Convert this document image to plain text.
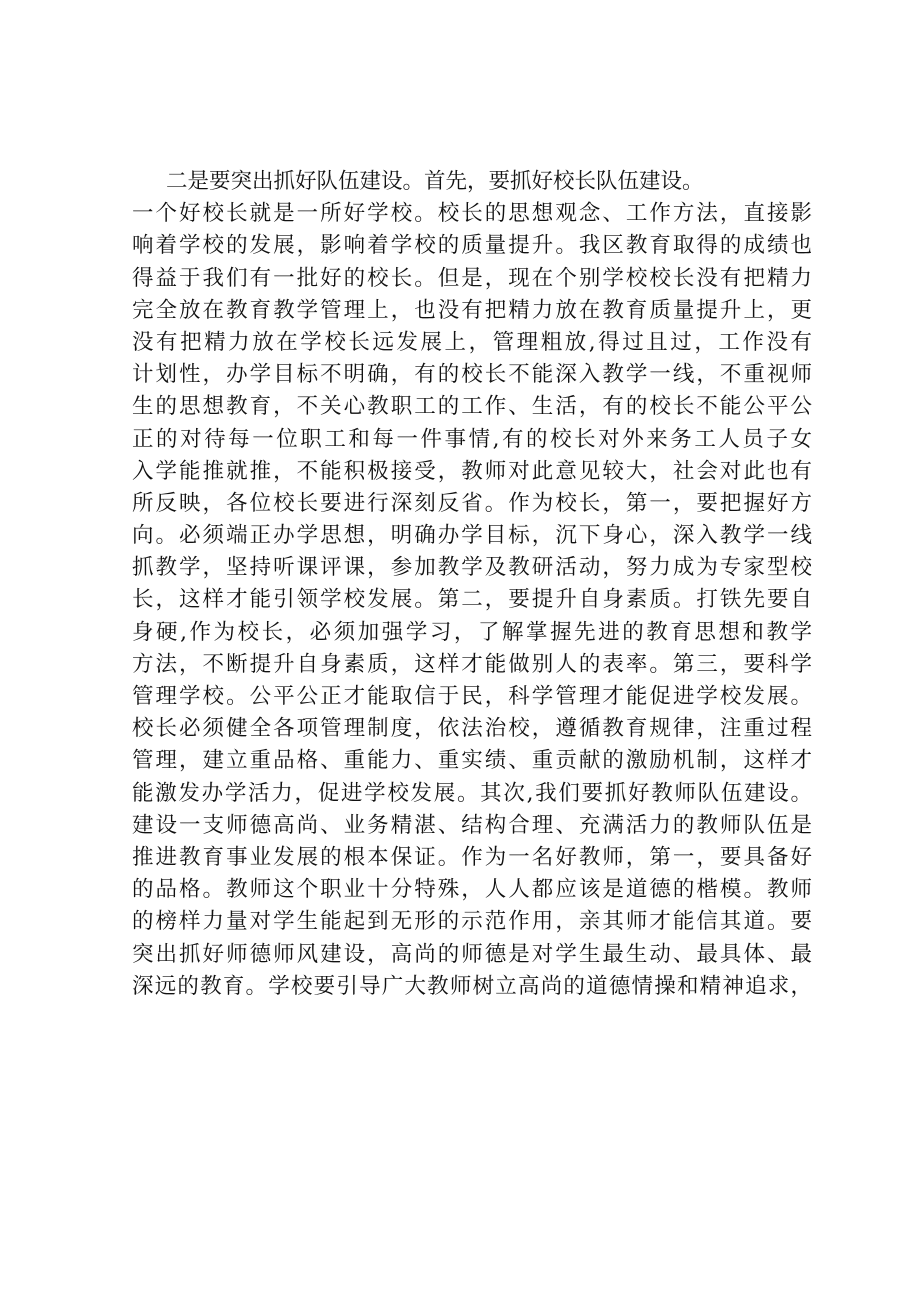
二是要突出抓好队伍建设。首先，要抓好校长队伍建设。
一个好校长就是一所好学校。校长的思想观念、工作方法，直接影
响着学校的发展，影响着学校的质量提升。我区教育取得的成绩也
得益于我们有一批好的校长。但是，现在个别学校校长没有把精力
完全放在教育教学管理上，也没有把精力放在教育质量提升上，更
没有把精力放在学校长远发展上，管理粗放,得过且过，工作没有
计划性，办学目标不明确，有的校长不能深入教学一线，不重视师
生的思想教育，不关心教职工的工作、生活，有的校长不能公平公
正的对待每一位职工和每一件事情,有的校长对外来务工人员子女
入学能推就推，不能积极接受，教师对此意见较大，社会对此也有
所反映，各位校长要进行深刻反省。作为校长，第一，要把握好方
向。必须端正办学思想，明确办学目标，沉下身心，深入教学一线
抓教学，坚持听课评课，参加教学及教研活动，努力成为专家型校
长，这样才能引领学校发展。第二，要提升自身素质。打铁先要自
身硬,作为校长，必须加强学习，了解掌握先进的教育思想和教学
方法，不断提升自身素质，这样才能做别人的表率。第三，要科学
管理学校。公平公正才能取信于民，科学管理才能促进学校发展。
校长必须健全各项管理制度，依法治校，遵循教育规律，注重过程
管理，建立重品格、重能力、重实绩、重贡献的激励机制，这样才
能激发办学活力，促进学校发展。其次,我们要抓好教师队伍建设。
建设一支师德高尚、业务精湛、结构合理、充满活力的教师队伍是
推进教育事业发展的根本保证。作为一名好教师，第一，要具备好
的品格。教师这个职业十分特殊，人人都应该是道德的楷模。教师
的榜样力量对学生能起到无形的示范作用，亲其师才能信其道。要
突出抓好师德师风建设，高尚的师德是对学生最生动、最具体、最
深远的教育。学校要引导广大教师树立高尚的道德情操和精神追求，
